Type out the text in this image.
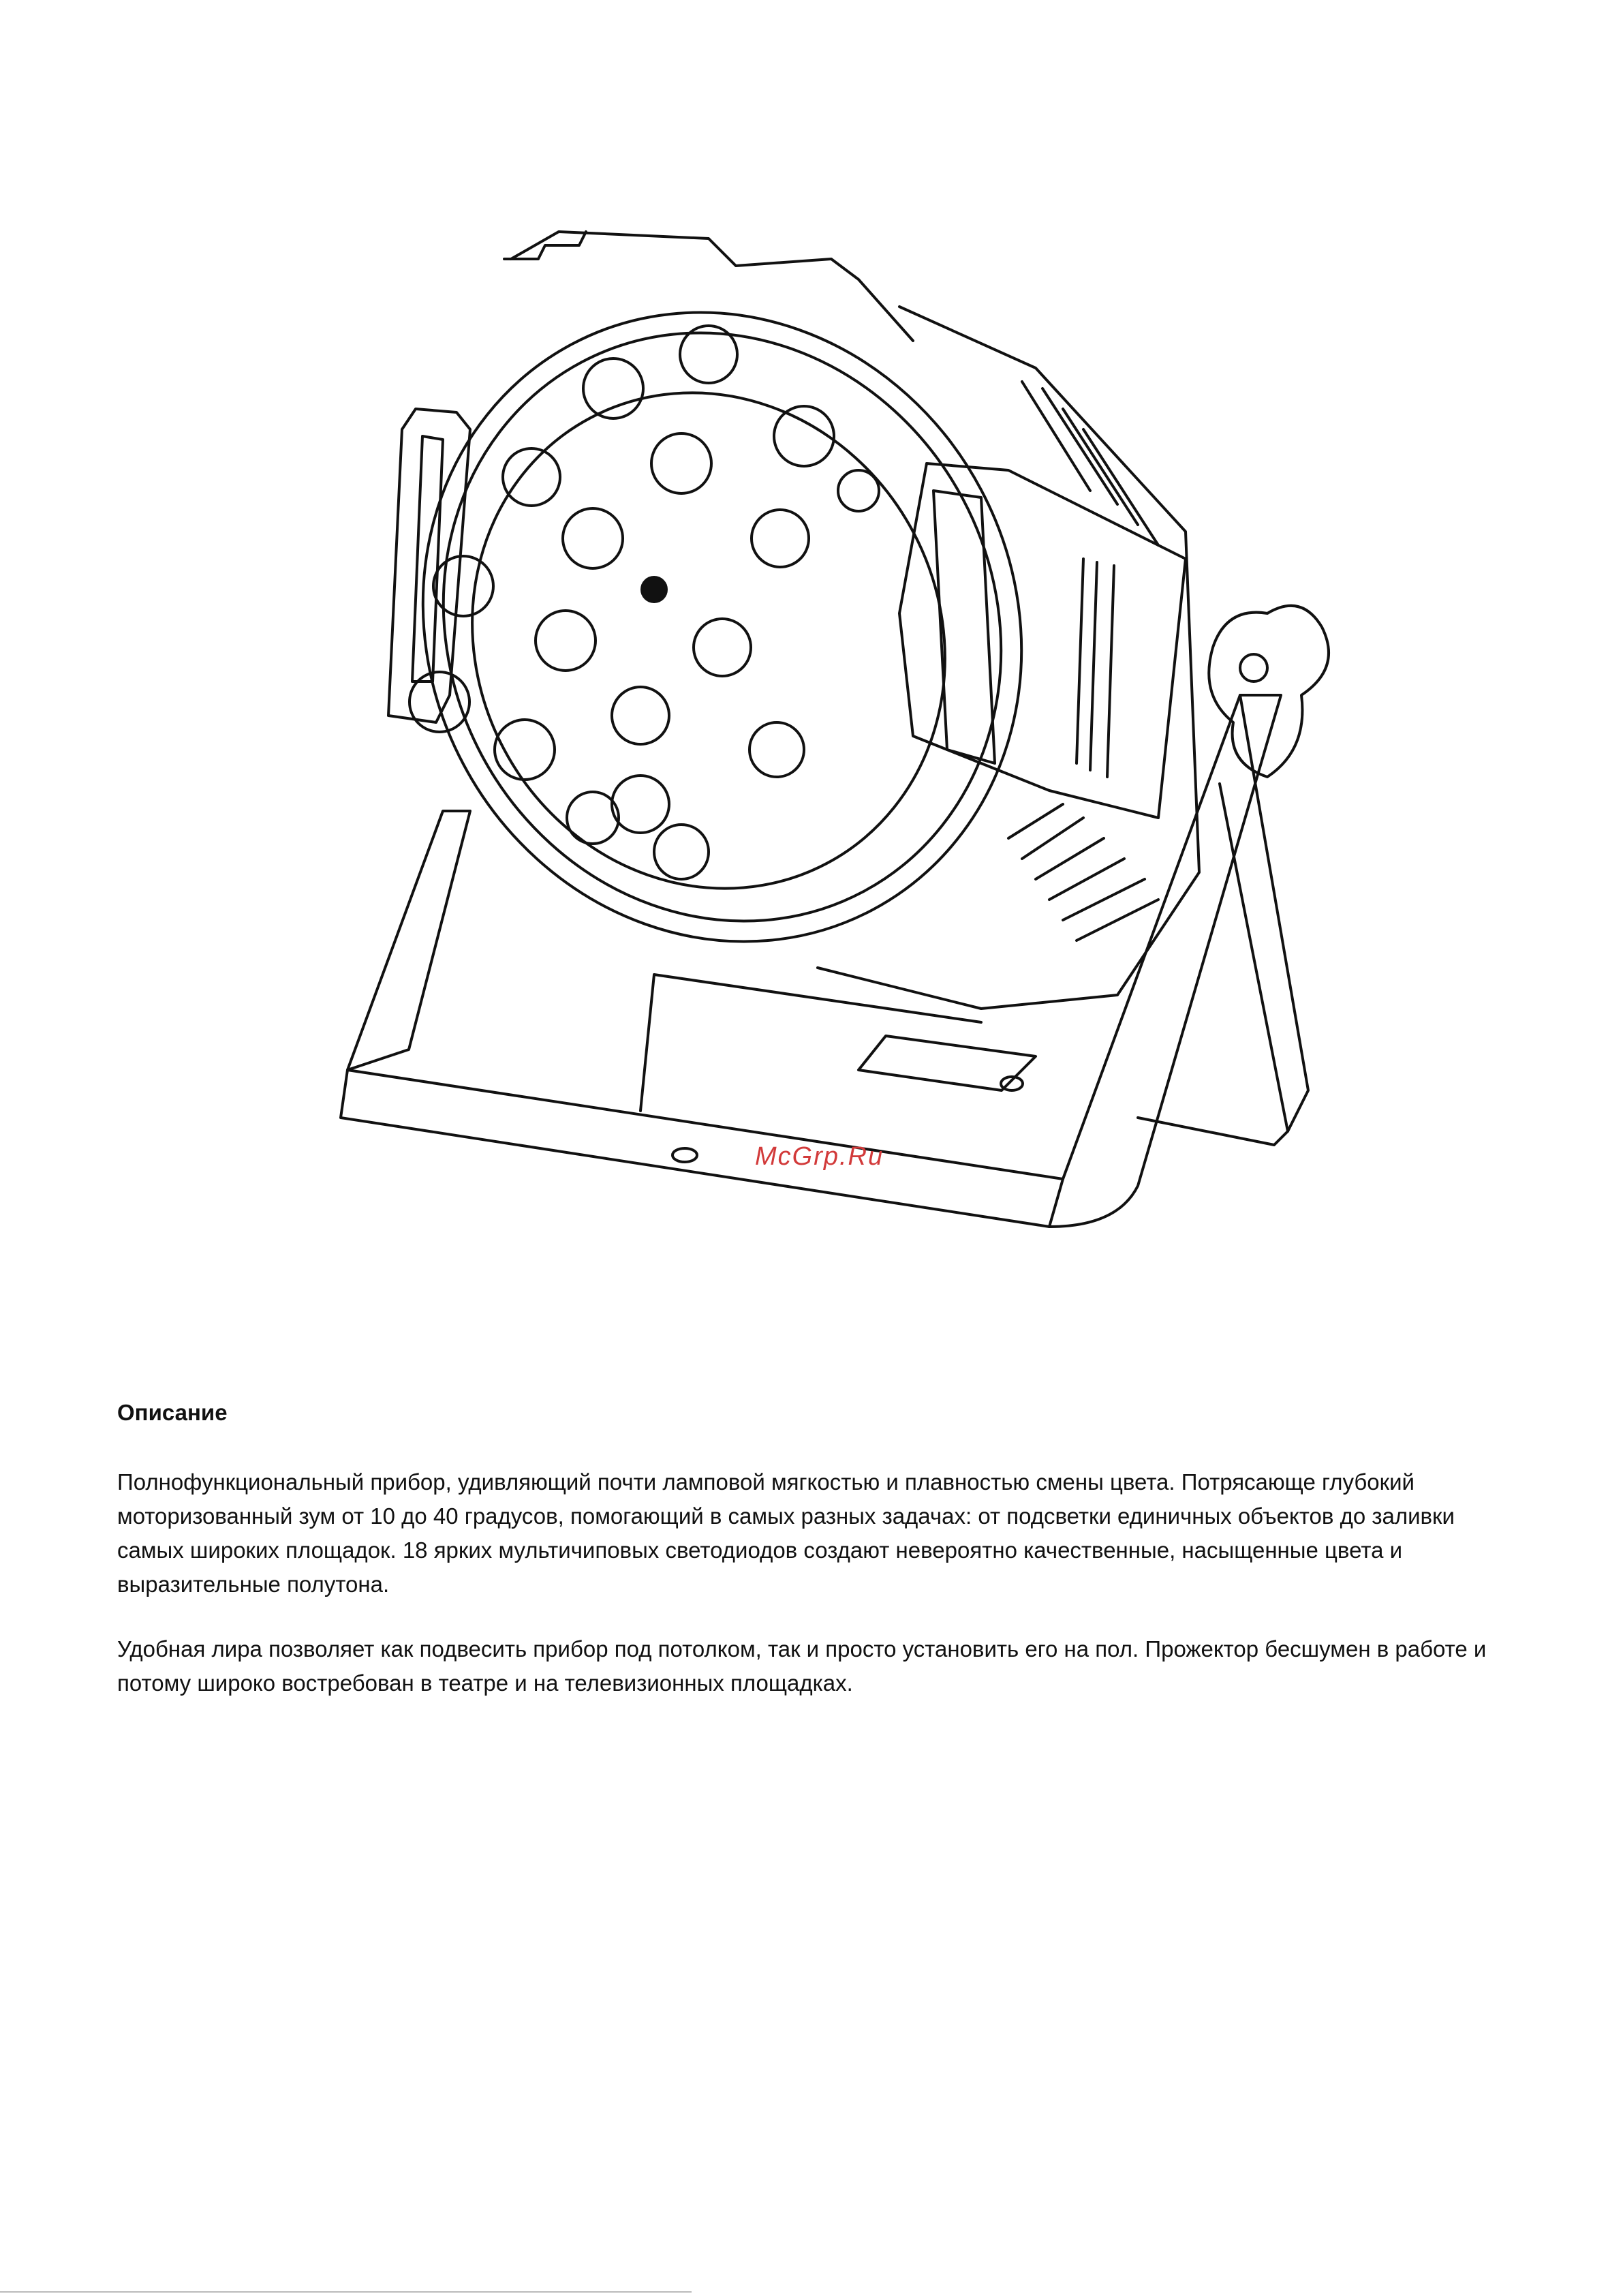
McGrp.Ru
Описание

Полнофункциональный прибор, удивляющий почти ламповой мягкостью и плавностью смены цвета. Потрясающе глубокий моторизованный зум от 10 до 40 градусов, помогающий в самых разных задачах: от подсветки единичных объектов до заливки самых широких площадок. 18 ярких мультичиповых светодиодов создают невероятно качественные, насыщенные цвета и выразительные полутона.

Удобная лира позволяет как подвесить прибор под потолком, так и просто установить его на пол. Прожектор бесшумен в работе и потому широко востребован в театре и на телевизионных площадках.
